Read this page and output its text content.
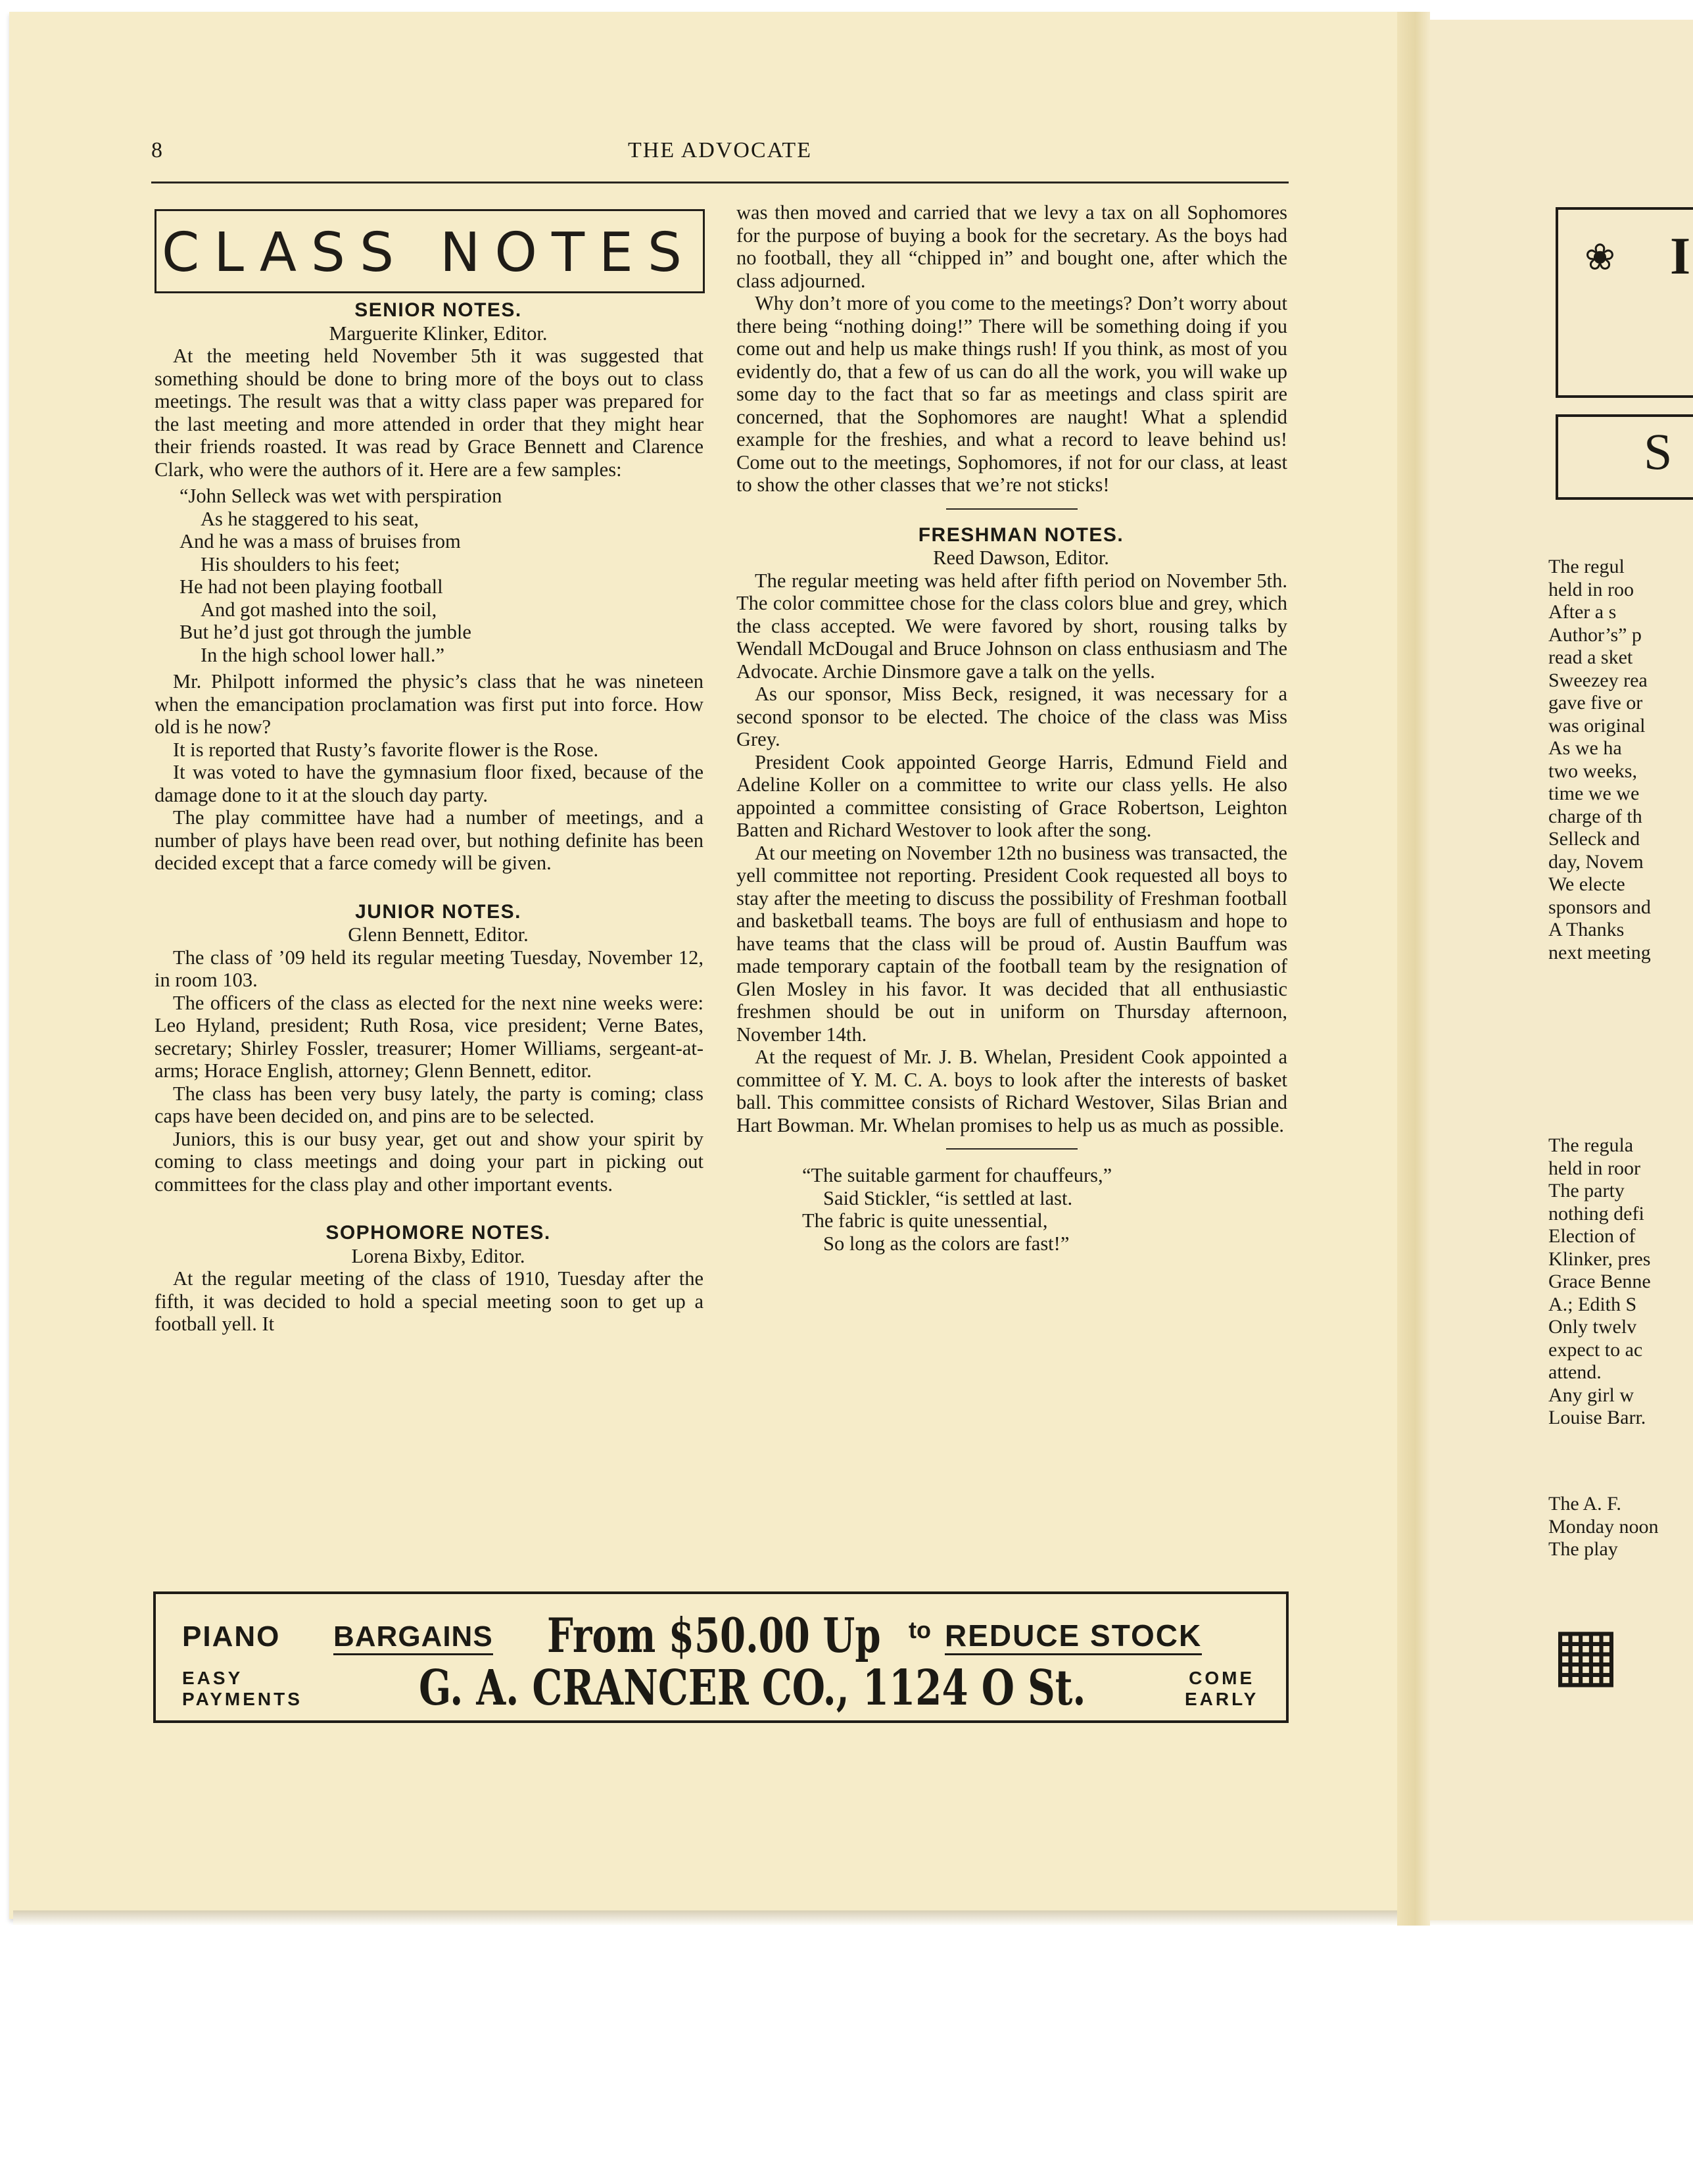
❀ I
S
The regul
held in roo
After a s
Author’s” p
read a sket
Sweezey rea
gave five or
was original
As we ha
two weeks,
time we we
charge of th
Selleck and
day, Novem
We electe
sponsors and
A Thanks
next meeting
The regula
held in roor
The party
nothing defi
Election of
Klinker, pres
Grace Benne
A.; Edith S
Only twelv
expect to ac
attend.
Any girl w
Louise Barr.
The A. F.
Monday noon
The play
▦
8	THE ADVOCATE
CLASS NOTES

SENIOR NOTES.

Marguerite Klinker, Editor.

At the meeting held November 5th it was suggested that something should be done to bring more of the boys out to class meetings. The result was that a witty class paper was prepared for the last meeting and more attended in order that they might hear their friends roasted. It was read by Grace Bennett and Clarence Clark, who were the authors of it. Here are a few samples:

“John Selleck was wet with perspiration
As he staggered to his seat,
And he was a mass of bruises from
His shoulders to his feet;
He had not been playing football
And got mashed into the soil,
But he’d just got through the jumble
In the high school lower hall.”

Mr. Philpott informed the physic’s class that he was nineteen when the emancipation proclamation was first put into force. How old is he now?

It is reported that Rusty’s favorite flower is the Rose.

It was voted to have the gymnasium floor fixed, because of the damage done to it at the slouch day party.

The play committee have had a number of meetings, and a number of plays have been read over, but nothing definite has been decided except that a farce comedy will be given.

JUNIOR NOTES.

Glenn Bennett, Editor.

The class of ’09 held its regular meeting Tuesday, November 12, in room 103.

The officers of the class as elected for the next nine weeks were: Leo Hyland, president; Ruth Rosa, vice president; Verne Bates, secretary; Shirley Fossler, treasurer; Homer Williams, sergeant-at-arms; Horace English, attorney; Glenn Bennett, editor.

The class has been very busy lately, the party is coming; class caps have been decided on, and pins are to be selected.

Juniors, this is our busy year, get out and show your spirit by coming to class meetings and doing your part in picking out committees for the class play and other important events.

SOPHOMORE NOTES.

Lorena Bixby, Editor.

At the regular meeting of the class of 1910, Tuesday after the fifth, it was decided to hold a special meeting soon to get up a football yell. It

was then moved and carried that we levy a tax on all Sophomores for the purpose of buying a book for the secretary. As the boys had no football, they all “chipped in” and bought one, after which the class adjourned.

Why don’t more of you come to the meetings? Don’t worry about there being “nothing doing!” There will be something doing if you come out and help us make things rush! If you think, as most of you evidently do, that a few of us can do all the work, you will wake up some day to the fact that so far as meetings and class spirit are concerned, that the Sophomores are naught! What a splendid example for the freshies, and what a record to leave behind us! Come out to the meetings, Sophomores, if not for our class, at least to show the other classes that we’re not sticks!

FRESHMAN NOTES.

Reed Dawson, Editor.

The regular meeting was held after fifth period on November 5th. The color committee chose for the class colors blue and grey, which the class accepted. We were favored by short, rousing talks by Wendall McDougal and Bruce Johnson on class enthusiasm and The Advocate. Archie Dinsmore gave a talk on the yells.

As our sponsor, Miss Beck, resigned, it was necessary for a second sponsor to be elected. The choice of the class was Miss Grey.

President Cook appointed George Harris, Edmund Field and Adeline Koller on a committee to write our class yells. He also appointed a committee consisting of Grace Robertson, Leighton Batten and Richard Westover to look after the song.

At our meeting on November 12th no business was transacted, the yell committee not reporting. President Cook requested all boys to stay after the meeting to discuss the possibility of Freshman football and basketball teams. The boys are full of enthusiasm and hope to have teams that the class will be proud of. Austin Bauffum was made temporary captain of the football team by the resignation of Glen Mosley in his favor. It was decided that all enthusiastic freshmen should be out in uniform on Thursday afternoon, November 14th.

At the request of Mr. J. B. Whelan, President Cook appointed a committee of Y. M. C. A. boys to look after the interests of basket ball. This committee consists of Richard Westover, Silas Brian and Hart Bowman. Mr. Whelan promises to help us as much as possible.

“The suitable garment for chauffeurs,”
Said Stickler, “is settled at last.
The fabric is quite unessential,
So long as the colors are fast!”
PIANO BARGAINS From $50.00 Up to REDUCE STOCK
EASY
PAYMENTS G. A. CRANCER CO., 1124 O St.	COME
EARLY
